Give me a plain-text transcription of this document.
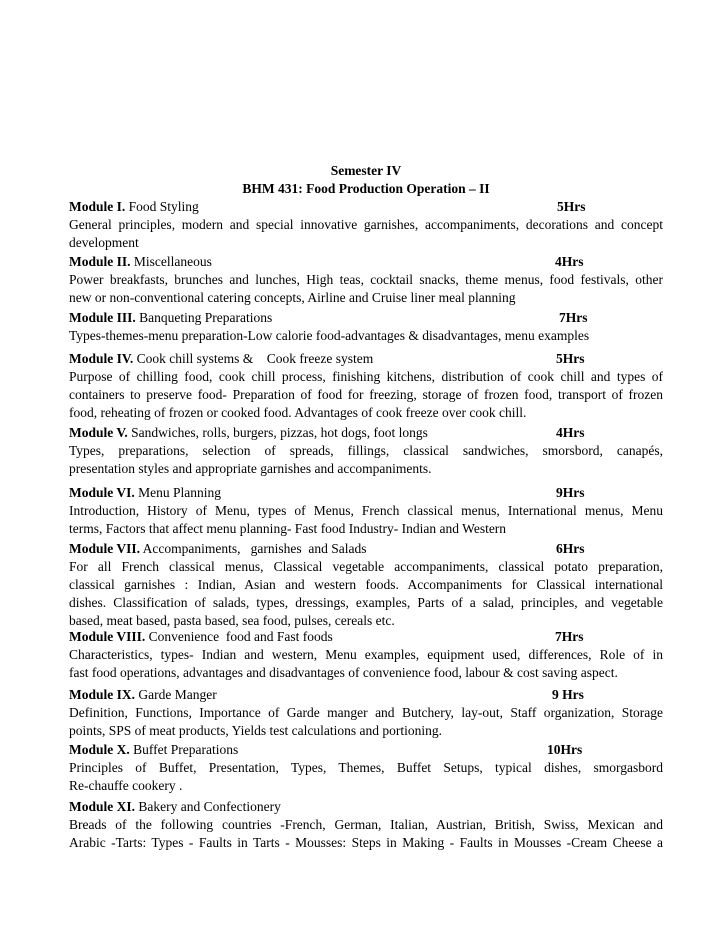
Semester IV
BHM 431: Food Production Operation – II
Module I. Food Styling	5Hrs
General principles, modern and special innovative garnishes, accompaniments, decorations and concept
development
Module II. Miscellaneous	4Hrs
Power breakfasts, brunches and lunches, High teas, cocktail snacks, theme menus, food festivals, other
new or non-conventional catering concepts, Airline and Cruise liner meal planning
Module III. Banqueting Preparations	7Hrs
Types-themes-menu preparation-Low calorie food-advantages & disadvantages, menu examples
Module IV. Cook chill systems &    Cook freeze system	5Hrs
Purpose of chilling food, cook chill process, finishing kitchens, distribution of cook chill and types of
containers to preserve food- Preparation of food for freezing, storage of frozen food, transport of frozen
food, reheating of frozen or cooked food. Advantages of cook freeze over cook chill.
Module V. Sandwiches, rolls, burgers, pizzas, hot dogs, foot longs	4Hrs
Types, preparations, selection of spreads, fillings, classical sandwiches, smorsbord, canapés,
presentation styles and appropriate garnishes and accompaniments.
Module VI. Menu Planning	9Hrs
Introduction, History of Menu, types of Menus, French classical menus, International menus, Menu
terms, Factors that affect menu planning- Fast food Industry- Indian and Western
Module VII. Accompaniments,   garnishes  and Salads	6Hrs
For all French classical menus, Classical vegetable accompaniments, classical potato preparation,
classical garnishes : Indian, Asian and western foods. Accompaniments for Classical international
dishes. Classification of salads, types, dressings, examples, Parts of a salad, principles, and vegetable
based, meat based, pasta based, sea food, pulses, cereals etc.
Module VIII. Convenience  food and Fast foods	7Hrs
Characteristics, types- Indian and western, Menu examples, equipment used, differences, Role of in
fast food operations, advantages and disadvantages of convenience food, labour & cost saving aspect.
Module IX. Garde Manger	9 Hrs
Definition, Functions, Importance of Garde manger and Butchery, lay-out, Staff organization, Storage
points, SPS of meat products, Yields test calculations and portioning.
Module X. Buffet Preparations	10Hrs
Principles of Buffet, Presentation, Types, Themes, Buffet Setups, typical dishes, smorgasbord
Re-chauffe cookery .
Module XI. Bakery and Confectionery
Breads of the following countries -French, German, Italian, Austrian, British, Swiss, Mexican and
Arabic -Tarts: Types - Faults in Tarts - Mousses: Steps in Making - Faults in Mousses -Cream Cheese a
